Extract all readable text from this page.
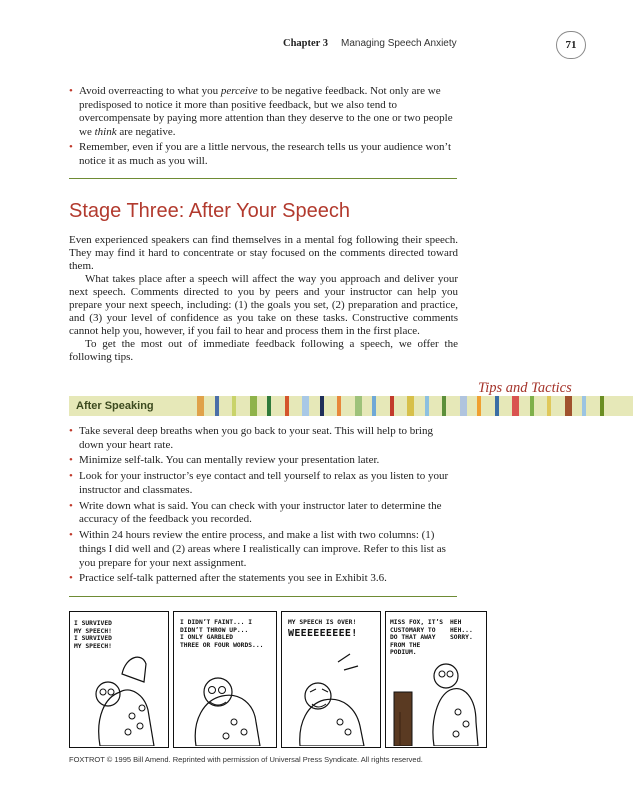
Chapter 3 Managing Speech Anxiety	71
• Avoid overreacting to what you perceive to be negative feedback. Not only are we predisposed to notice it more than positive feedback, but we also tend to overcompensate by paying more attention than they deserve to the one or two people we think are negative.
• Remember, even if you are a little nervous, the research tells us your audience won’t notice it as much as you will.
Stage Three: After Your Speech

Even experienced speakers can find themselves in a mental fog following their speech. They may find it hard to concentrate or stay focused on the comments directed toward them.

What takes place after a speech will affect the way you approach and deliver your next speech. Comments directed to you by peers and your instructor can help you prepare your next speech, including: (1) the goals you set, (2) preparation and practice, and (3) your level of confidence as you take on these tasks. Constructive comments cannot help you, however, if you fail to hear and process them in the first place.

To get the most out of immediate feedback following a speech, we offer the following tips.

Tips and Tactics
After Speaking
• Take several deep breaths when you go back to your seat. This will help to bring down your heart rate.
• Minimize self-talk. You can mentally review your presentation later.
• Look for your instructor’s eye contact and tell yourself to relax as you listen to your instructor and classmates.
• Write down what is said. You can check with your instructor later to determine the accuracy of the feedback you recorded.
• Within 24 hours review the entire process, and make a list with two columns: (1) things I did well and (2) areas where I realistically can improve. Refer to this list as you prepare for your next assignment.
• Practice self-talk patterned after the statements you see in Exhibit 3.6.
I SURVIVED
MY SPEECH!
I SURVIVED
MY SPEECH!
I DIDN’T FAINT... I
DIDN’T THROW UP...
I ONLY GARBLED
THREE OR FOUR WORDS...
MY SPEECH IS OVER!
WEEEEEEEEE!
MISS FOX, IT’S
CUSTOMARY TO
DO THAT AWAY
FROM THE
PODIUM.
HEH HEH...
SORRY.
FOXTROT © 1995 Bill Amend. Reprinted with permission of Universal Press Syndicate. All rights reserved.
